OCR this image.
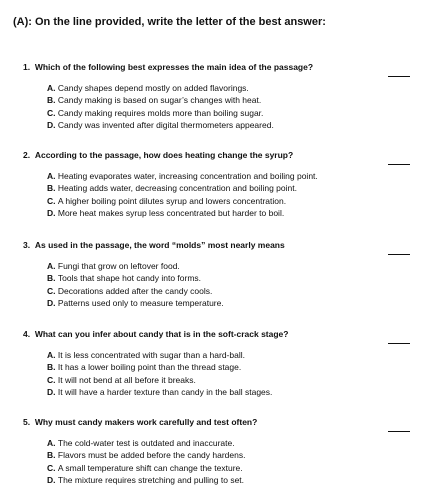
(A): On the line provided, write the letter of the best answer:
1 . Which of the following best expresses the main idea of the passage?
A . Candy shapes depend mostly on added flavorings.
B . Candy making is based on sugar’s changes with heat.
C . Candy making requires molds more than boiling sugar.
D . Candy was invented after digital thermometers appeared.
2 . According to the passage, how does heating change the syrup?
A . Heating evaporates water, increasing concentration and boiling point.
B . Heating adds water, decreasing concentration and boiling point.
C . A higher boiling point dilutes syrup and lowers concentration.
D . More heat makes syrup less concentrated but harder to boil.
3 . As used in the passage, the word “molds” most nearly means
A . Fungi that grow on leftover food.
B . Tools that shape hot candy into forms.
C . Decorations added after the candy cools.
D . Patterns used only to measure temperature.
4 . What can you infer about candy that is in the soft-crack stage?
A . It is less concentrated with sugar than a hard-ball.
B . It has a lower boiling point than the thread stage.
C . It will not bend at all before it breaks.
D . It will have a harder texture than candy in the ball stages.
5 . Why must candy makers work carefully and test often?
A . The cold-water test is outdated and inaccurate.
B . Flavors must be added before the candy hardens.
C . A small temperature shift can change the texture.
D . The mixture requires stretching and pulling to set.
